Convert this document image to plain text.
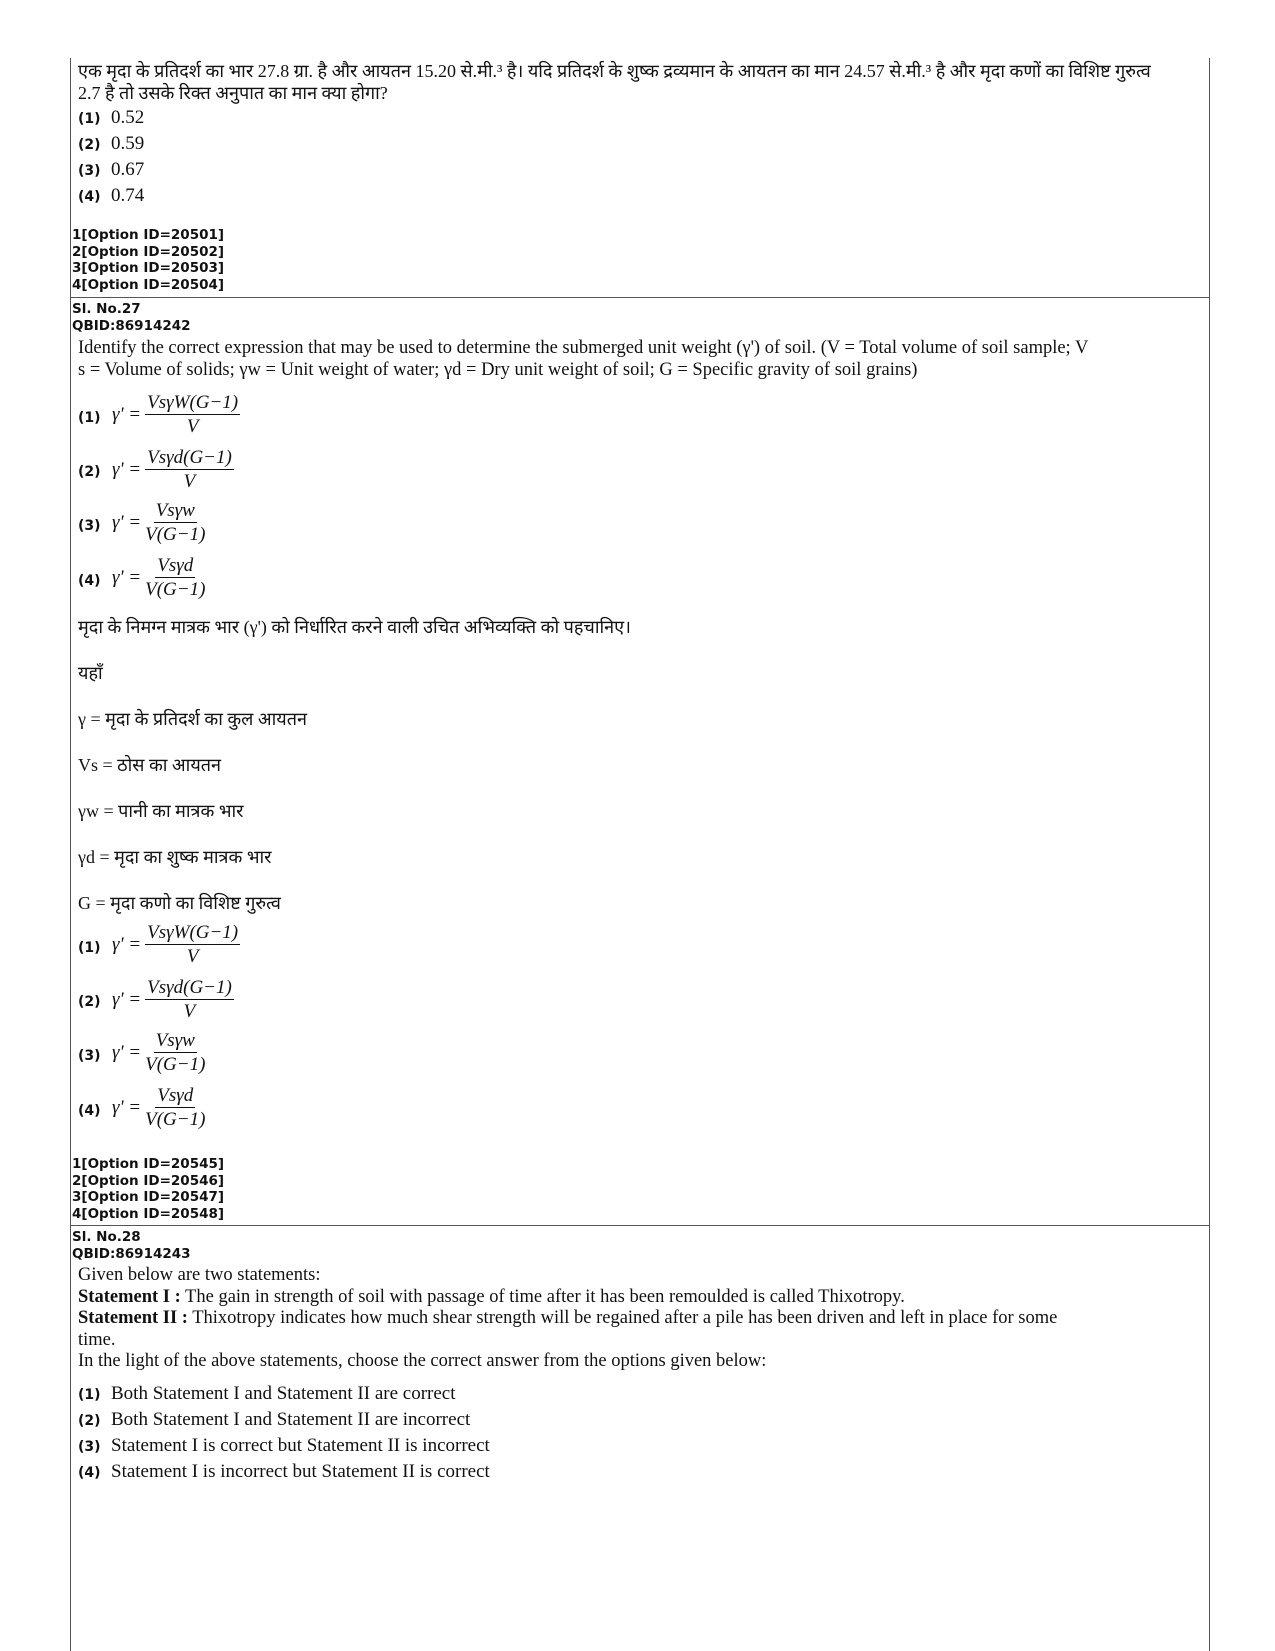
एक मृदा के प्रतिदर्श का भार 27.8 ग्रा. है और आयतन 15.20 से.मी.³ है। यदि प्रतिदर्श के शुष्क द्रव्यमान के आयतन का मान 24.57 से.मी.³ है और मृदा कणों का विशिष्ट गुरुत्व
2.7 है तो उसके रिक्त अनुपात का मान क्या होगा?
(1) 0.52
(2) 0.59
(3) 0.67
(4) 0.74
1[Option ID=20501]
2[Option ID=20502]
3[Option ID=20503]
4[Option ID=20504]
Sl. No.27
QBID:86914242
Identify the correct expression that may be used to determine the submerged unit weight (γ') of soil. (V = Total volume of soil sample; V
s = Volume of solids; γw = Unit weight of water; γd = Dry unit weight of soil; G = Specific gravity of soil grains)
(1) $\gamma' = \frac{\text{VsγW(G−1)}}{V}$
(2) $\gamma' = \frac{\text{Vsγd(G−1)}}{V}$
(3) $\gamma' = \frac{\text{Vsγw}}{V(G-1)}$
(4) $\gamma' = \frac{\text{Vsγd}}{V(G-1)}$
मृदा के निमग्न मात्रक भार (γ') को निर्धारित करने वाली उचित अभिव्यक्ति को पहचानिए।
यहाँ
γ = मृदा के प्रतिदर्श का कुल आयतन
Vs = ठोस का आयतन
γw = पानी का मात्रक भार
γd = मृदा का शुष्क मात्रक भार
G = मृदा कणो का विशिष्ट गुरुत्व
(1) $\gamma' = \frac{\text{VsγW(G−1)}}{V}$
(2) $\gamma' = \frac{\text{Vsγd(G−1)}}{V}$
(3) $\gamma' = \frac{\text{Vsγw}}{V(G-1)}$
(4) $\gamma' = \frac{\text{Vsγd}}{V(G-1)}$
1[Option ID=20545]
2[Option ID=20546]
3[Option ID=20547]
4[Option ID=20548]
Sl. No.28
QBID:86914243
Given below are two statements:
Statement I : The gain in strength of soil with passage of time after it has been remoulded is called Thixotropy.
Statement II : Thixotropy indicates how much shear strength will be regained after a pile has been driven and left in place for some
time.
In the light of the above statements, choose the correct answer from the options given below:
(1) Both Statement I and Statement II are correct
(2) Both Statement I and Statement II are incorrect
(3) Statement I is correct but Statement II is incorrect
(4) Statement I is incorrect but Statement II is correct
